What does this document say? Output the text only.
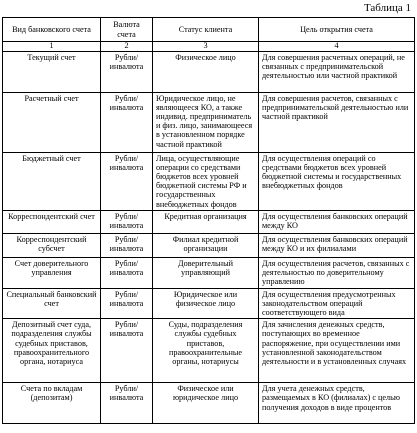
Таблица 1
Вид банковского счета	Валюта счета	Статус клиента	Цель открытия счета
1	2	3	4
Текущий счет	Рубли/ инвалюта	Физическое лицо	Для совершения расчетных операций, не связанных с предпринимательской деятельностью или частной практикой
Расчетный счет	Рубли/ инвалюта	Юридическое лицо, не являющееся КО, а также индивид. предприниматель и физ. лицо, занимающееся в установленном порядке частной практикой	Для совершения расчетов, связанных с предпринимательской деятельностью или частной практикой
Бюджетный счет	Рубли/ инвалюта	Лица, осуществляющие операции со средствами бюджетов всех уровней бюджетной системы РФ и государственных внебюджетных фондов	Для осуществления операций со средствами бюджетов всех уровней бюджетной системы и государственных внебюджетных фондов
Корреспондентский счет	Рубли/ инвалюта	Кредитная организация	Для осуществления банковских операций между КО
Корреспондентский субсчет	Рубли/ инвалюта	Филиал кредитной организации	Для осуществления банковских операций между КО и их филиалами
Счет доверительного управления	Рубли/ инвалюта	Доверительный управляющий	Для осуществления расчетов, связанных с деятельностью по доверительному управлению
Специальный банковский счет	Рубли/ инвалюта	Юридическое или физическое лицо	Для осуществления предусмотренных законодательством операций соответствующего вида
Депозитный счет суда, подразделения службы судебных приставов, правоохранительного органа, нотариуса	Рубли/ инвалюта	Суды, подразделения службы судебных приставов, правоохранительные органы, нотариусы	Для зачисления денежных средств, поступающих во временное распоряжение, при осуществлении ими установленной законодательством деятельности и в установленных случаях
Счета по вкладам (депозитам)	Рубли/ инвалюта	Физическое или юридическое лицо	Для учета денежных средств, размещаемых в КО (филиалах) с целью получения доходов в виде процентов
